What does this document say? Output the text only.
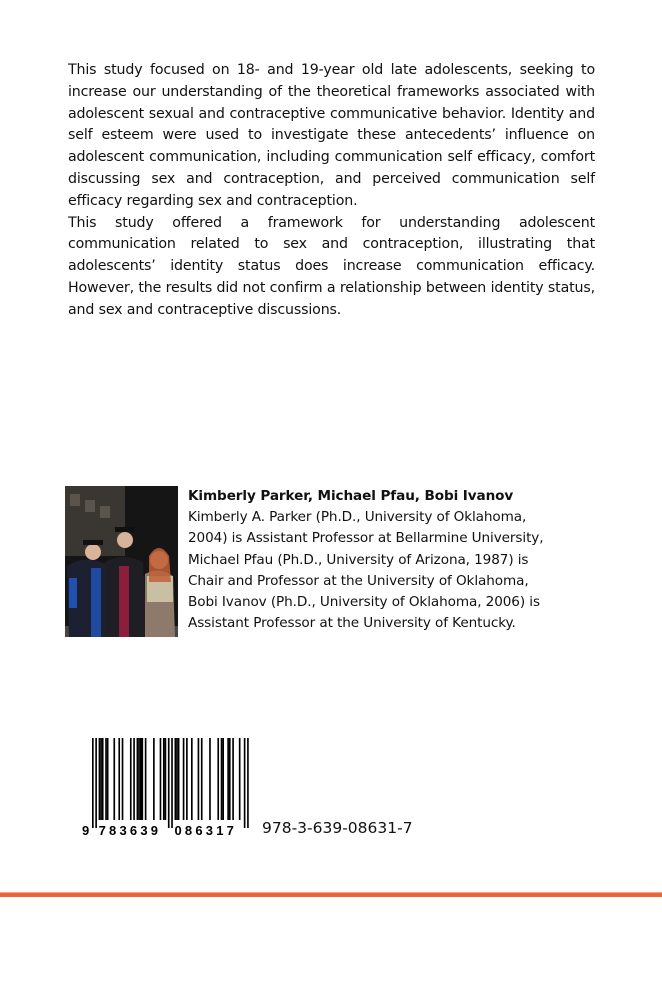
This study focused on 18- and 19-year old late adolescents, seeking to increase our understanding of the theoretical frameworks associated with adolescent sexual and contraceptive communicative behavior. Identity and self esteem were used to investigate these antecedents’ influence on adolescent communication, including communication self efficacy, comfort discussing sex and contraception, and perceived communication self efficacy regarding sex and contraception.

This study offered a framework for understanding adolescent communication related to sex and contraception, illustrating that adolescents’ identity status does increase communication efficacy. However, the results did not confirm a relationship between identity status, and sex and contraceptive discussions.

Kimberly Parker, Michael Pfau, Bobi Ivanov
Kimberly A. Parker (Ph.D., University of Oklahoma, 2004) is Assistant Professor at Bellarmine University, Michael Pfau (Ph.D., University of Arizona, 1987) is Chair and Professor at the University of Oklahoma, Bobi Ivanov (Ph.D., University of Oklahoma, 2006) is Assistant Professor at the University of Kentucky.
9 783639 086317 978-3-639-08631-7
